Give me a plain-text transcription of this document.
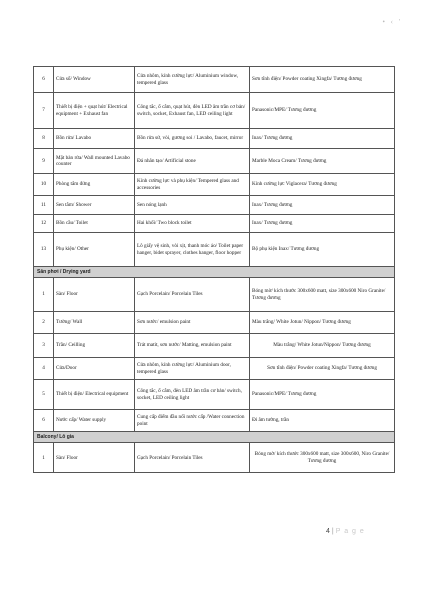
• ‹ '
6	Cửa sổ/ Window	Cửa nhôm, kính cường lực/ Aluminium window, tempered glass	Sơn tĩnh điện/ Powder coating Xingfa/ Tương đương
7	Thiết bị điện + quạt hút/ Electrical equipment + Exhaust fan	Công tắc, ổ cắm, quạt hút, đèn LED âm trần cơ bản/ switch, socket, Exhaust fan, LED ceiling light	Panasonic/MPE/ Tương đương
8	Bồn rửa/ Lavabo	Bồn rửa sứ, vòi, gương soi / Lavabo, faucet, mirror	Inax/ Tương đương
9	Mặt bàn rửa/ Wall mounted Lavabo counter	Đá nhân tạo/ Artificial stone	Marble Moca Cream/ Tương đương
10	Phòng tắm đứng	Kính cường lực và phụ kiện/ Tempered glass and accessories	Kính cường lực Viglacera/ Tương đương
11	Sen tắm/ Shower	Sen nóng lạnh	Inax/ Tương đương
12	Bồn cầu/ Toilet	Hai khối/ Two block toilet	Inax/ Tương đương
13	Phụ kiện/ Other	Lô giấy vệ sinh, vòi xịt, thanh móc áo/ Toilet paper hanger, bidet sprayer, clothes hanger, floor hopper	Bộ phụ kiện Inax/ Tương đương
Sân phơi / Drying yard			
1	Sàn/ Floor	Gạch Porcelain/ Porcelain Tiles	Bóng mờ/ kích thước 300x600 matt, size 300x600 Niro Granite/ Tương đương
2	Tường/ Wall	Sơn nước/ emulsion paint	Màu trắng/ White Jotun/ Nippon/ Tương đương
3	Trần/ Ceilling	Trát matit, sơn nước/ Matting, emulsion paint	Màu trắng/ White Jotun/Nippon/ Tương đương
4	Cửa/Door	Cửa nhôm, kính cường lực/ Aluminium door, tempered glass	Sơn tĩnh điện/ Powder coating Xingfa/ Tương đương
5	Thiết bị điện/ Electrical equipment	Công tắc, ổ cắm, đèn LED âm trần cơ bản/ switch, socket, LED ceiling light	Panasonic/MPE/ Tương đương
6	Nước cấp/ Water supply	Cung cấp điểm đầu nối nước cấp /Water connection point	Đi âm tường, trần
Balcony/ Lô gia			
1	Sàn/ Floor	Gạch Porcelain/ Porcelain Tiles	Bóng mờ/ kích thước 300x600 matt, size 300x600, Niro Granite/ Tương đương
4 | P a g e
